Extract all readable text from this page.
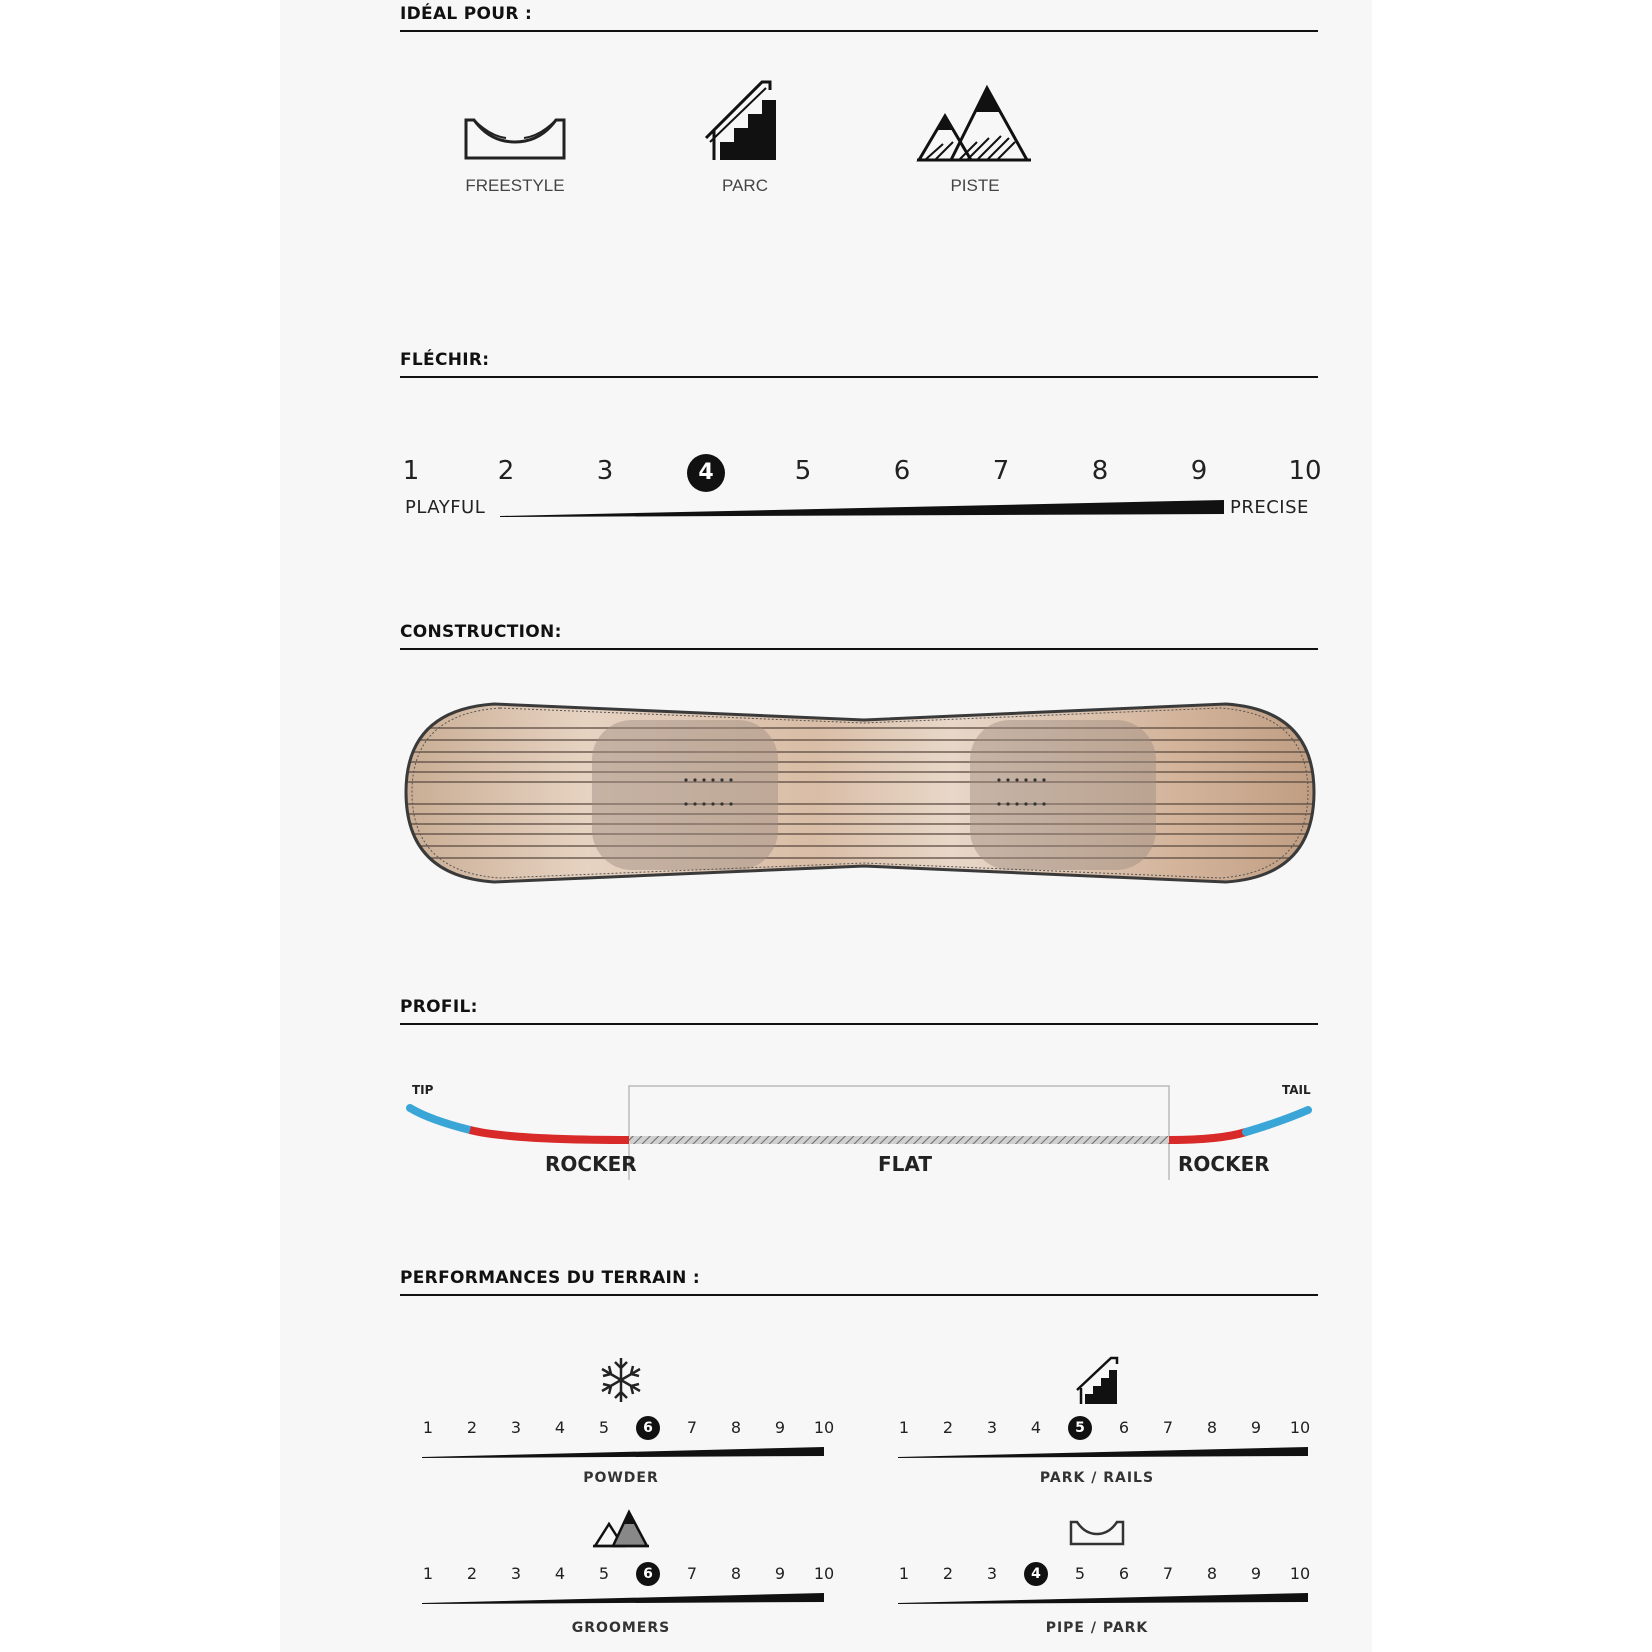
IDÉAL POUR :
FREESTYLE	PARC	PISTE
FLÉCHIR:
1	2	3	4	5	6	7	8	9	10
PLAYFUL	PRECISE
CONSTRUCTION:
PROFIL:
TIP	TAIL
ROCKER	FLAT	ROCKER
PERFORMANCES DU TERRAIN :
1	2	3	4	5	6	7	8	9	10
POWDER
1	2	3	4	5	6	7	8	9	10
PARK / RAILS
1	2	3	4	5	6	7	8	9	10
GROOMERS
1	2	3	4	5	6	7	8	9	10
PIPE / PARK
